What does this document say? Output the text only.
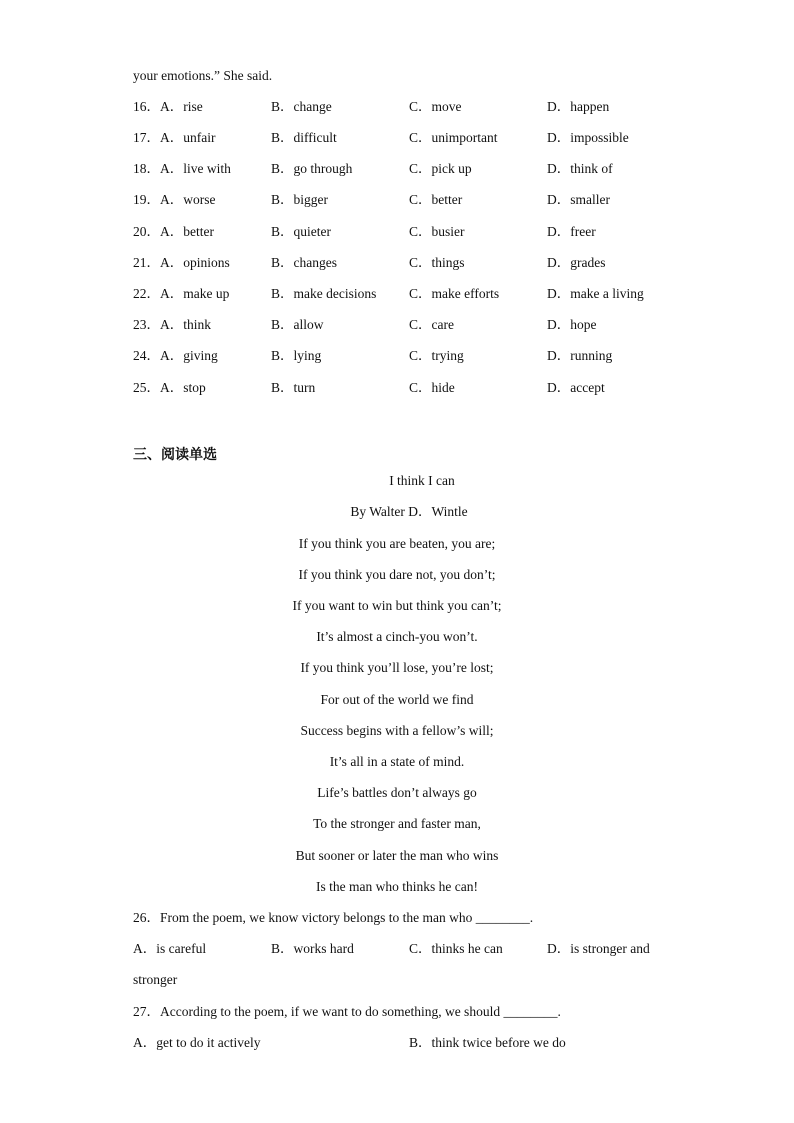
your emotions.” She said.
16． A．rise	B．change	C．move	D．happen
17． A．unfair	B．difficult	C．unimportant	D．impossible
18． A．live with	B．go through	C．pick up	D．think of
19． A．worse	B．bigger	C．better	D．smaller
20． A．better	B．quieter	C．busier	D．freer
21． A．opinions	B．changes	C．things	D．grades
22． A．make up	B．make decisions C．make efforts	D．make a living
23． A．think	B．allow	C．care	D．hope
24． A．giving	B．lying	C．trying	D．running
25． A．stop	B．turn	C．hide	D．accept
三、阅读单选
I think I can
By Walter D．Wintle
If you think you are beaten, you are;
If you think you dare not, you don’t;
If you want to win but think you can’t;
It’s almost a cinch-you won’t.
If you think you’ll lose, you’re lost;
For out of the world we find
Success begins with a fellow’s will;
It’s all in a state of mind.
Life’s battles don’t always go
To the stronger and faster man,
But sooner or later the man who wins
Is the man who thinks he can!
26．From the poem, we know victory belongs to the man who ________.
A．is careful	B．works hard	C．thinks he can	D．is stronger and
stronger
27．According to the poem, if we want to do something, we should ________.
A．get to do it actively	B．think twice before we do
